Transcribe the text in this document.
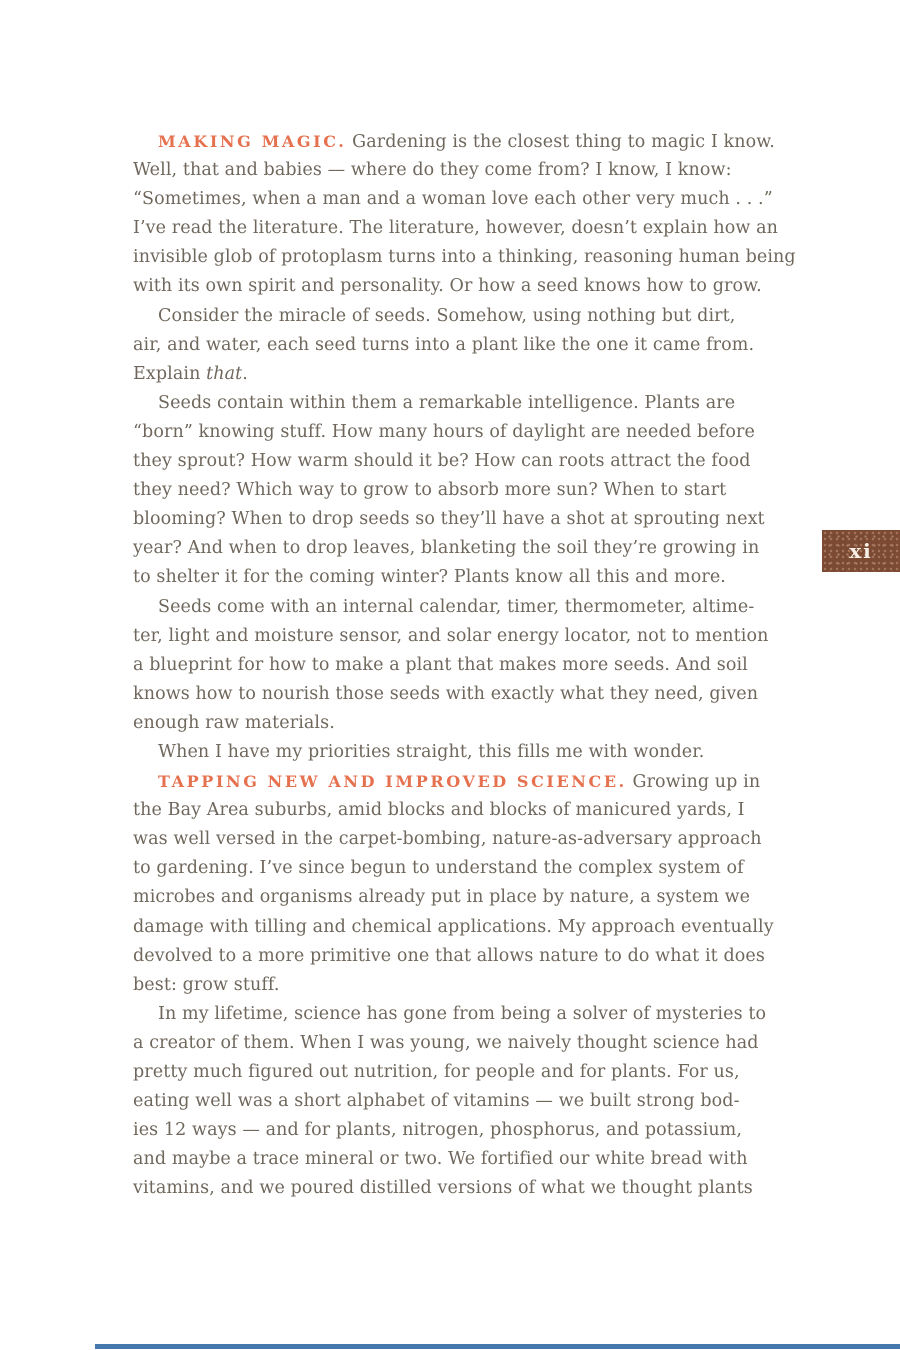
MAKING MAGIC. Gardening is the closest thing to magic I know.
Well, that and babies — where do they come from? I know, I know:
“Sometimes, when a man and a woman love each other very much . . .”
I’ve read the literature. The literature, however, doesn’t explain how an
invisible glob of protoplasm turns into a thinking, reasoning human being
with its own spirit and personality. Or how a seed knows how to grow.
Consider the miracle of seeds. Somehow, using nothing but dirt,
air, and water, each seed turns into a plant like the one it came from.
Explain that.
Seeds contain within them a remarkable intelligence. Plants are
“born” knowing stuff. How many hours of daylight are needed before
they sprout? How warm should it be? How can roots attract the food
they need? Which way to grow to absorb more sun? When to start
blooming? When to drop seeds so they’ll have a shot at sprouting next
year? And when to drop leaves, blanketing the soil they’re growing in
to shelter it for the coming winter? Plants know all this and more.
Seeds come with an internal calendar, timer, thermometer, altime-
ter, light and moisture sensor, and solar energy locator, not to mention
a blueprint for how to make a plant that makes more seeds. And soil
knows how to nourish those seeds with exactly what they need, given
enough raw materials.
When I have my priorities straight, this fills me with wonder.
TAPPING NEW AND IMPROVED SCIENCE. Growing up in
the Bay Area suburbs, amid blocks and blocks of manicured yards, I
was well versed in the carpet-bombing, nature-as-adversary approach
to gardening. I’ve since begun to understand the complex system of
microbes and organisms already put in place by nature, a system we
damage with tilling and chemical applications. My approach eventually
devolved to a more primitive one that allows nature to do what it does
best: grow stuff.
In my lifetime, science has gone from being a solver of mysteries to
a creator of them. When I was young, we naively thought science had
pretty much figured out nutrition, for people and for plants. For us,
eating well was a short alphabet of vitamins — we built strong bod-
ies 12 ways — and for plants, nitrogen, phosphorus, and potassium,
and maybe a trace mineral or two. We fortified our white bread with
vitamins, and we poured distilled versions of what we thought plants
xi
